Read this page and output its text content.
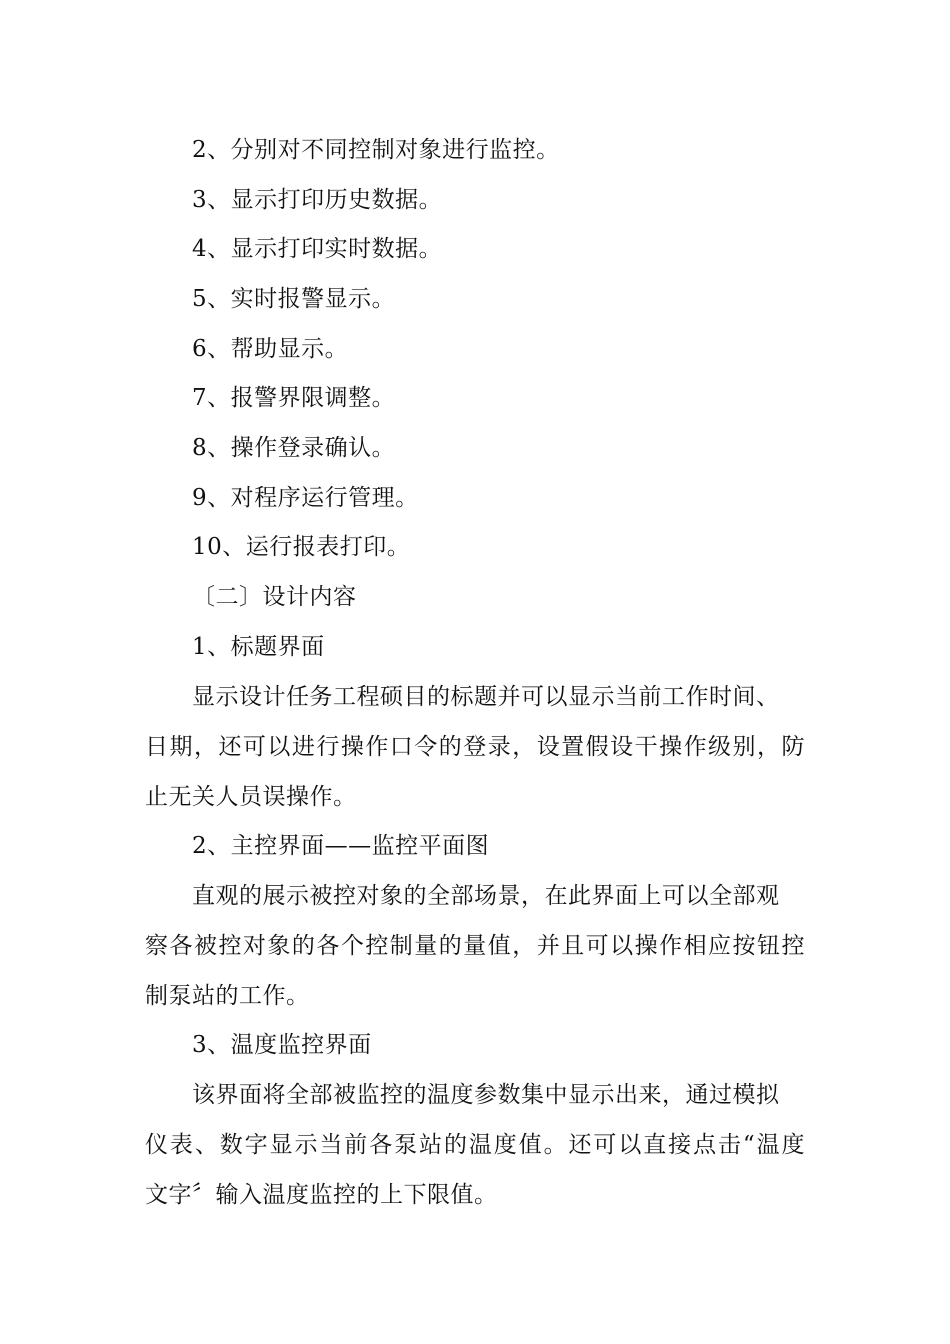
2、分别对不同控制对象进行监控。
3、显示打印历史数据。
4、显示打印实时数据。
5、实时报警显示。
6、帮助显示。
7、报警界限调整。
8、操作登录确认。
9、对程序运行管理。
10、运行报表打印。
〔二〕设计内容
1、标题界面
显示设计任务工程硕目的标题并可以显示当前工作时间、
日期，还可以进行操作口令的登录，设置假设干操作级别，防
止无关人员误操作。
2、主控界面——监控平面图
直观的展示被控对象的全部场景，在此界面上可以全部观
察各被控对象的各个控制量的量值，并且可以操作相应按钮控
制泵站的工作。
3、温度监控界面
该界面将全部被监控的温度参数集中显示出来，通过模拟
仪表、数字显示当前各泵站的温度值。还可以直接点击“温度
文字〞输入温度监控的上下限值。
